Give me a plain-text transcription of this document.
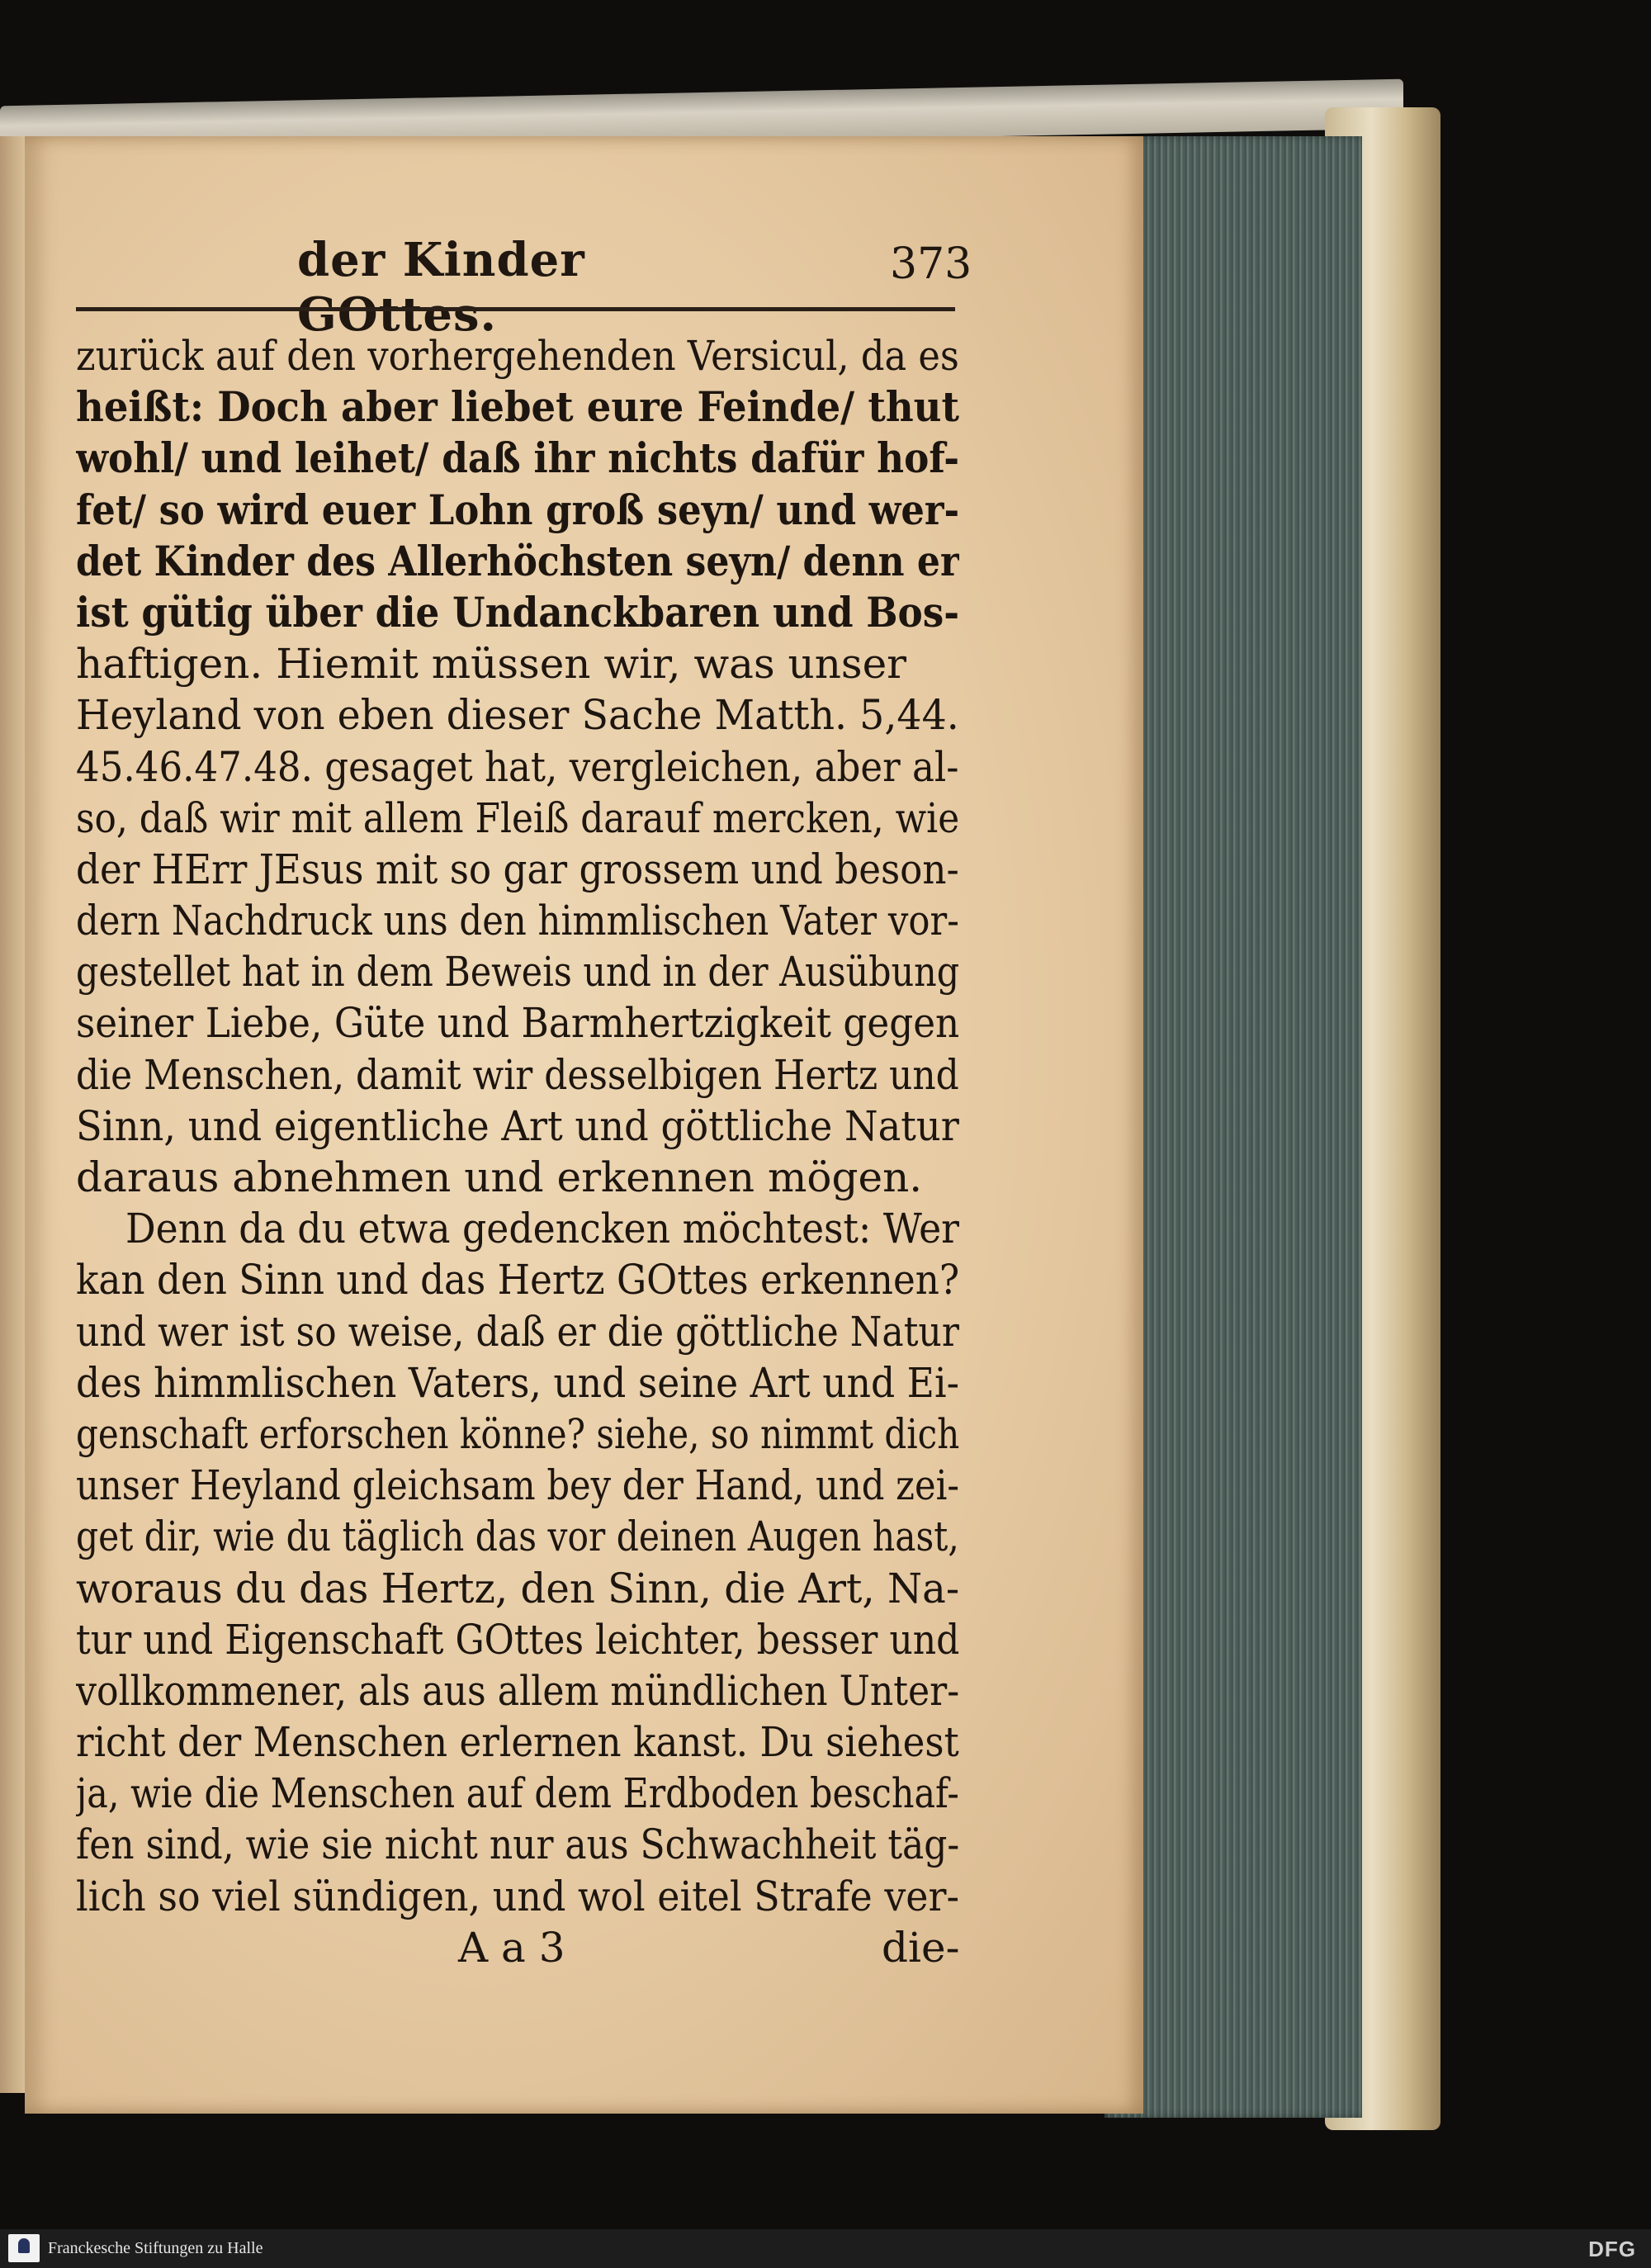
der Kinder GOttes.
373
zurück auf den vorhergehenden Versicul, da es
heißt: Doch aber liebet eure Feinde/ thut
wohl/ und leihet/ daß ihr nichts dafür hof-
fet/ so wird euer Lohn groß seyn/ und wer-
det Kinder des Allerhöchsten seyn/ denn er
ist gütig über die Undanckbaren und Bos-
haftigen. Hiemit müssen wir, was unser
Heyland von eben dieser Sache Matth. 5,44.
45.46.47.48. gesaget hat, vergleichen, aber al-
so, daß wir mit allem Fleiß darauf mercken, wie
der HErr JEsus mit so gar grossem und beson-
dern Nachdruck uns den himmlischen Vater vor-
gestellet hat in dem Beweis und in der Ausübung
seiner Liebe, Güte und Barmhertzigkeit gegen
die Menschen, damit wir desselbigen Hertz und
Sinn, und eigentliche Art und göttliche Natur
daraus abnehmen und erkennen mögen.
Denn da du etwa gedencken möchtest: Wer
kan den Sinn und das Hertz GOttes erkennen?
und wer ist so weise, daß er die göttliche Natur
des himmlischen Vaters, und seine Art und Ei-
genschaft erforschen könne? siehe, so nimmt dich
unser Heyland gleichsam bey der Hand, und zei-
get dir, wie du täglich das vor deinen Augen hast,
woraus du das Hertz, den Sinn, die Art, Na-
tur und Eigenschaft GOttes leichter, besser und
vollkommener, als aus allem mündlichen Unter-
richt der Menschen erlernen kanst. Du siehest
ja, wie die Menschen auf dem Erdboden beschaf-
fen sind, wie sie nicht nur aus Schwachheit täg-
lich so viel sündigen, und wol eitel Strafe ver-
A a 3	die-
Franckesche Stiftungen zu Halle	DFG
